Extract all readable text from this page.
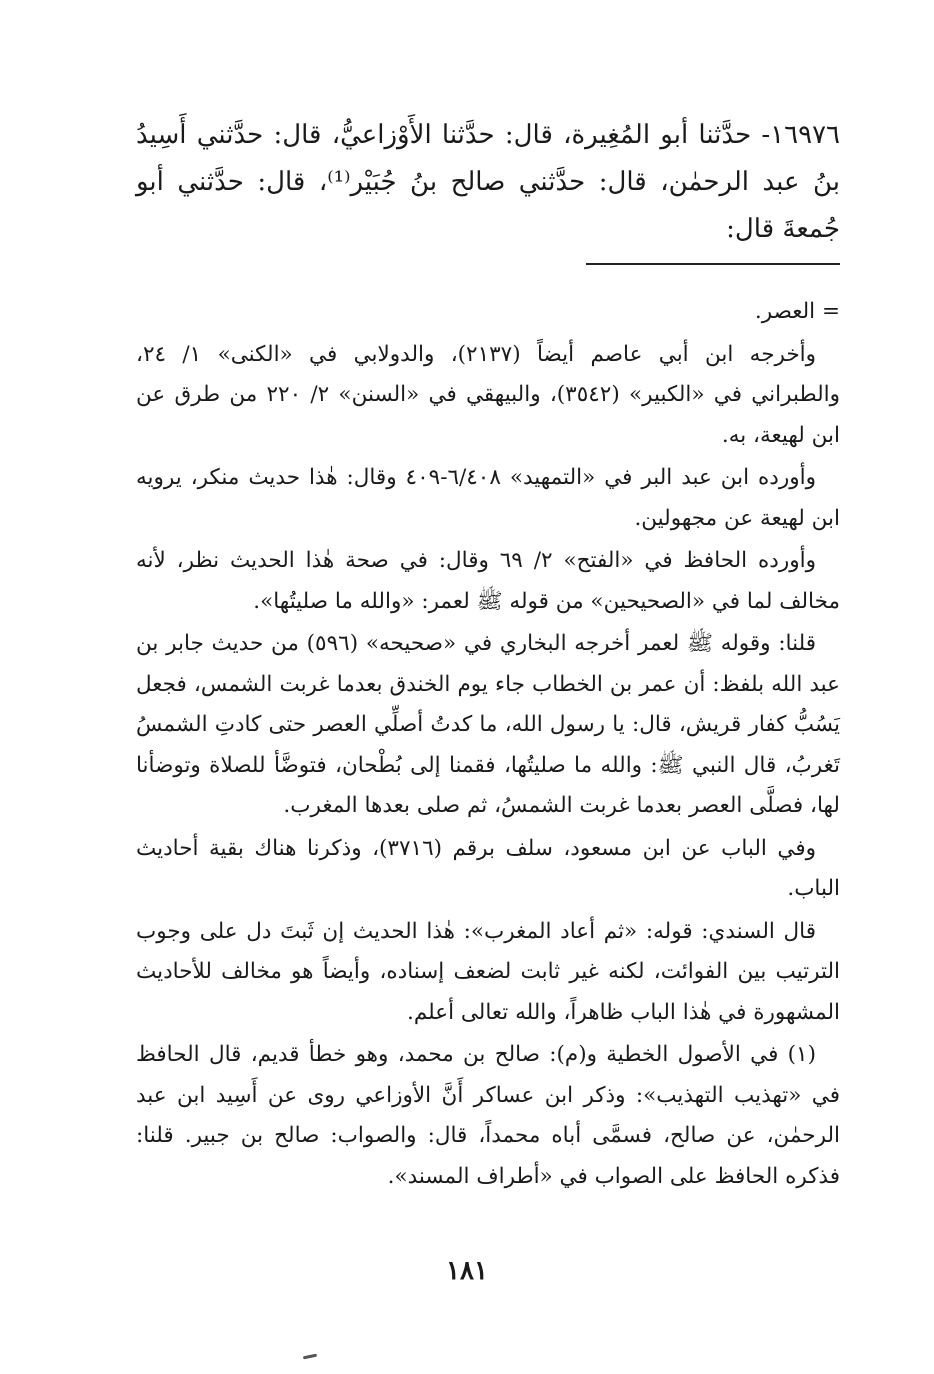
١٦٩٧٦- حدَّثنا أبو المُغِيرة، قال: حدَّثنا الأَوْزاعيُّ، قال: حدَّثني أَسِيدُ بنُ عبد الرحمٰن، قال: حدَّثني صالح بنُ جُبَيْر⁽¹⁾، قال: حدَّثني أبو جُمعةَ قال:

= العصر.

وأخرجه ابن أبي عاصم أيضاً (٢١٣٧)، والدولابي في «الكنى» ١/ ٢٤، والطبراني في «الكبير» (٣٥٤٢)، والبيهقي في «السنن» ٢/ ٢٢٠ من طرق عن ابن لهيعة، به.

وأورده ابن عبد البر في «التمهيد» ٦/٤٠٨-٤٠٩ وقال: هٰذا حديث منكر، يرويه ابن لهيعة عن مجهولين.

وأورده الحافظ في «الفتح» ٢/ ٦٩ وقال: في صحة هٰذا الحديث نظر، لأنه مخالف لما في «الصحيحين» من قوله ﷺ لعمر: «والله ما صليتُها».

قلنا: وقوله ﷺ لعمر أخرجه البخاري في «صحيحه» (٥٩٦) من حديث جابر بن عبد الله بلفظ: أن عمر بن الخطاب جاء يوم الخندق بعدما غربت الشمس، فجعل يَسُبُّ كفار قريش، قال: يا رسول الله، ما كدتُ أصلِّي العصر حتى كادتِ الشمسُ تَغربُ، قال النبي ﷺ: والله ما صليتُها، فقمنا إلى بُطْحان، فتوضَّأ للصلاة وتوضأنا لها، فصلَّى العصر بعدما غربت الشمسُ، ثم صلى بعدها المغرب.

وفي الباب عن ابن مسعود، سلف برقم (٣٧١٦)، وذكرنا هناك بقية أحاديث الباب.

قال السندي: قوله: «ثم أعاد المغرب»: هٰذا الحديث إن ثَبتَ دل على وجوب الترتيب بين الفوائت، لكنه غير ثابت لضعف إسناده، وأيضاً هو مخالف للأحاديث المشهورة في هٰذا الباب ظاهراً، والله تعالى أعلم.

(١) في الأصول الخطية و(م): صالح بن محمد، وهو خطأ قديم، قال الحافظ في «تهذيب التهذيب»: وذكر ابن عساكر أَنَّ الأوزاعي روى عن أَسِيد ابن عبد الرحمٰن، عن صالح، فسمَّى أباه محمداً، قال: والصواب: صالح بن جبير. قلنا: فذكره الحافظ على الصواب في «أطراف المسند».

١٨١
